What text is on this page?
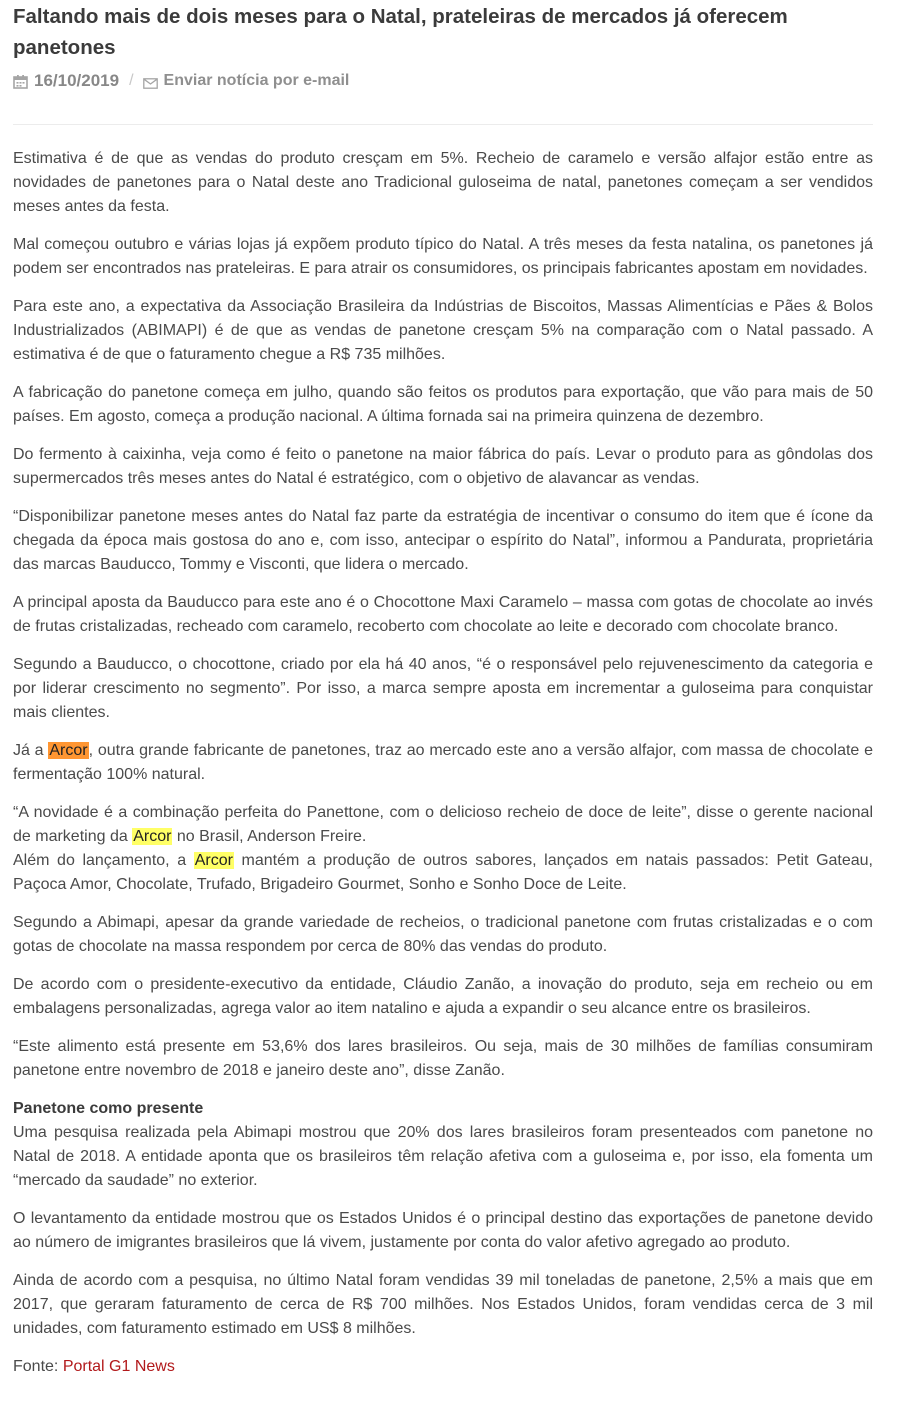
Faltando mais de dois meses para o Natal, prateleiras de mercados já oferecem panetones
16/10/2019 / Enviar notícia por e-mail

Estimativa é de que as vendas do produto cresçam em 5%. Recheio de caramelo e versão alfajor estão entre as novidades de panetones para o Natal deste ano Tradicional guloseima de natal, panetones começam a ser vendidos meses antes da festa.

Mal começou outubro e várias lojas já expõem produto típico do Natal. A três meses da festa natalina, os panetones já podem ser encontrados nas prateleiras. E para atrair os consumidores, os principais fabricantes apostam em novidades.

Para este ano, a expectativa da Associação Brasileira da Indústrias de Biscoitos, Massas Alimentícias e Pães & Bolos Industrializados (ABIMAPI) é de que as vendas de panetone cresçam 5% na comparação com o Natal passado. A estimativa é de que o faturamento chegue a R$ 735 milhões.

A fabricação do panetone começa em julho, quando são feitos os produtos para exportação, que vão para mais de 50 países. Em agosto, começa a produção nacional. A última fornada sai na primeira quinzena de dezembro.

Do fermento à caixinha, veja como é feito o panetone na maior fábrica do país. Levar o produto para as gôndolas dos supermercados três meses antes do Natal é estratégico, com o objetivo de alavancar as vendas.

“Disponibilizar panetone meses antes do Natal faz parte da estratégia de incentivar o consumo do item que é ícone da chegada da época mais gostosa do ano e, com isso, antecipar o espírito do Natal”, informou a Pandurata, proprietária das marcas Bauducco, Tommy e Visconti, que lidera o mercado.

A principal aposta da Bauducco para este ano é o Chocottone Maxi Caramelo – massa com gotas de chocolate ao invés de frutas cristalizadas, recheado com caramelo, recoberto com chocolate ao leite e decorado com chocolate branco.

Segundo a Bauducco, o chocottone, criado por ela há 40 anos, “é o responsável pelo rejuvenescimento da categoria e por liderar crescimento no segmento”. Por isso, a marca sempre aposta em incrementar a guloseima para conquistar mais clientes.

Já a Arcor, outra grande fabricante de panetones, traz ao mercado este ano a versão alfajor, com massa de chocolate e fermentação 100% natural.

“A novidade é a combinação perfeita do Panettone, com o delicioso recheio de doce de leite”, disse o gerente nacional de marketing da Arcor no Brasil, Anderson Freire.
Além do lançamento, a Arcor mantém a produção de outros sabores, lançados em natais passados: Petit Gateau, Paçoca Amor, Chocolate, Trufado, Brigadeiro Gourmet, Sonho e Sonho Doce de Leite.

Segundo a Abimapi, apesar da grande variedade de recheios, o tradicional panetone com frutas cristalizadas e o com gotas de chocolate na massa respondem por cerca de 80% das vendas do produto.

De acordo com o presidente-executivo da entidade, Cláudio Zanão, a inovação do produto, seja em recheio ou em embalagens personalizadas, agrega valor ao item natalino e ajuda a expandir o seu alcance entre os brasileiros.

“Este alimento está presente em 53,6% dos lares brasileiros. Ou seja, mais de 30 milhões de famílias consumiram panetone entre novembro de 2018 e janeiro deste ano”, disse Zanão.

Panetone como presente
Uma pesquisa realizada pela Abimapi mostrou que 20% dos lares brasileiros foram presenteados com panetone no Natal de 2018. A entidade aponta que os brasileiros têm relação afetiva com a guloseima e, por isso, ela fomenta um “mercado da saudade” no exterior.

O levantamento da entidade mostrou que os Estados Unidos é o principal destino das exportações de panetone devido ao número de imigrantes brasileiros que lá vivem, justamente por conta do valor afetivo agregado ao produto.

Ainda de acordo com a pesquisa, no último Natal foram vendidas 39 mil toneladas de panetone, 2,5% a mais que em 2017, que geraram faturamento de cerca de R$ 700 milhões. Nos Estados Unidos, foram vendidas cerca de 3 mil unidades, com faturamento estimado em US$ 8 milhões.

Fonte: Portal G1 News
